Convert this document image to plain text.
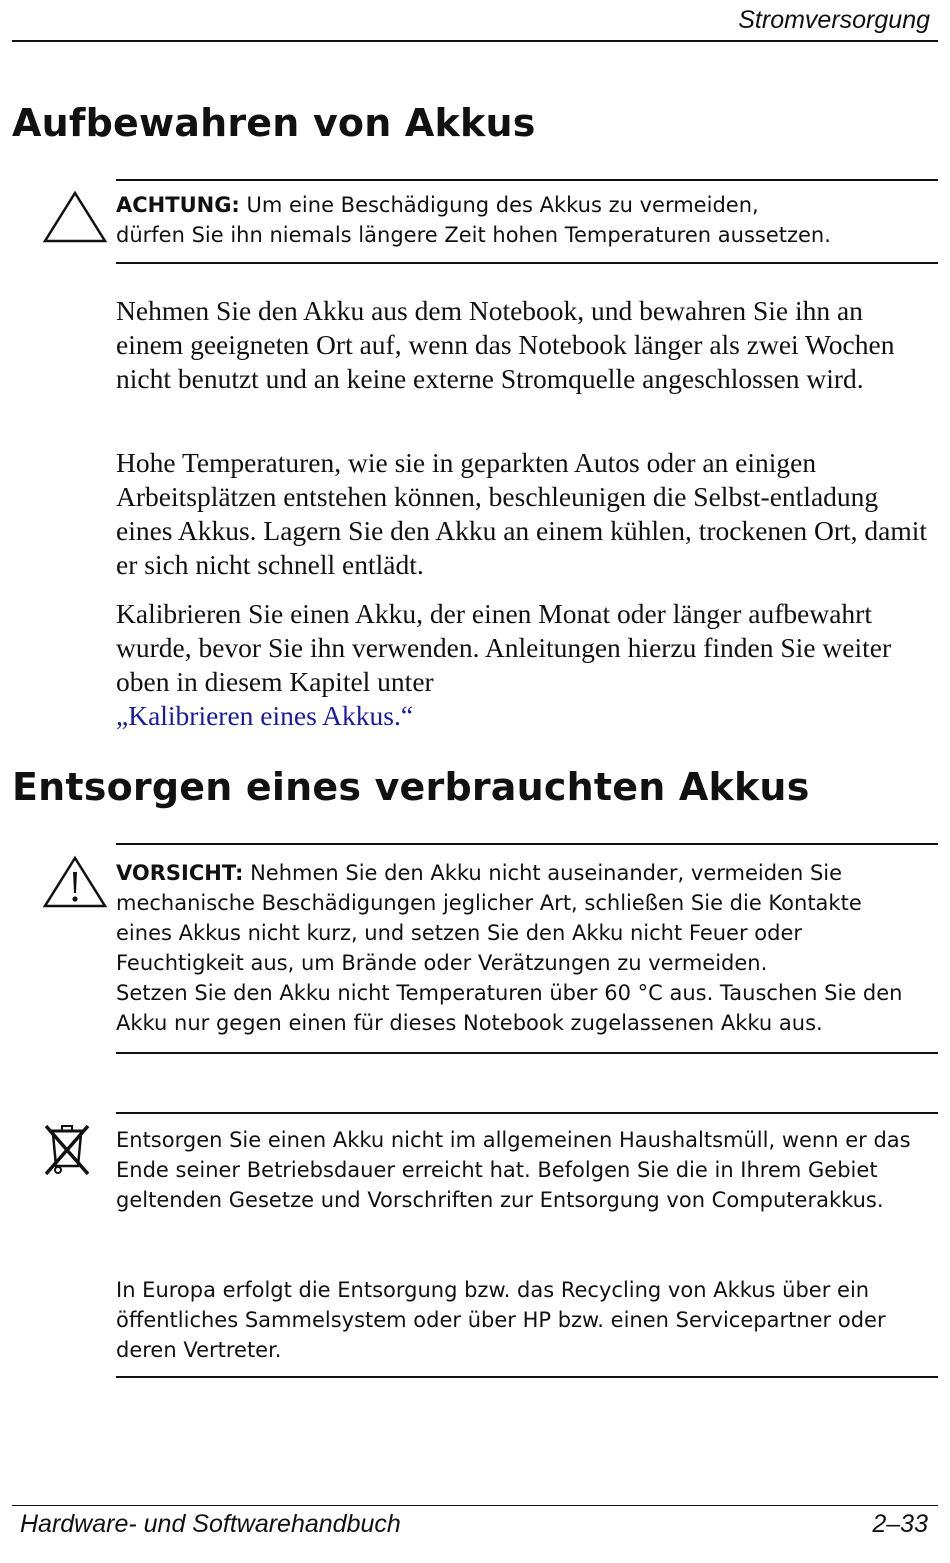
Stromversorgung
Aufbewahren von Akkus
ACHTUNG: Um eine Beschädigung des Akkus zu vermeiden,
dürfen Sie ihn niemals längere Zeit hohen Temperaturen aussetzen.

Nehmen Sie den Akku aus dem Notebook, und bewahren Sie ihn an einem geeigneten Ort auf, wenn das Notebook länger als zwei Wochen nicht benutzt und an keine externe Stromquelle angeschlossen wird.

Hohe Temperaturen, wie sie in geparkten Autos oder an einigen Arbeitsplätzen entstehen können, beschleunigen die Selbst-entladung eines Akkus. Lagern Sie den Akku an einem kühlen, trockenen Ort, damit er sich nicht schnell entlädt.

Kalibrieren Sie einen Akku, der einen Monat oder länger aufbewahrt wurde, bevor Sie ihn verwenden. Anleitungen hierzu finden Sie weiter oben in diesem Kapitel unter
„Kalibrieren eines Akkus.“

Entsorgen eines verbrauchten Akkus
VORSICHT: Nehmen Sie den Akku nicht auseinander, vermeiden Sie mechanische Beschädigungen jeglicher Art, schließen Sie die Kontakte eines Akkus nicht kurz, und setzen Sie den Akku nicht Feuer oder Feuchtigkeit aus, um Brände oder Verätzungen zu vermeiden.
Setzen Sie den Akku nicht Temperaturen über 60 °C aus. Tauschen Sie den Akku nur gegen einen für dieses Notebook zugelassenen Akku aus.
Entsorgen Sie einen Akku nicht im allgemeinen Haushaltsmüll, wenn er das Ende seiner Betriebsdauer erreicht hat. Befolgen Sie die in Ihrem Gebiet geltenden Gesetze und Vorschriften zur Entsorgung von Computerakkus.
In Europa erfolgt die Entsorgung bzw. das Recycling von Akkus über ein öffentliches Sammelsystem oder über HP bzw. einen Servicepartner oder deren Vertreter.
Hardware- und Softwarehandbuch	2–33
